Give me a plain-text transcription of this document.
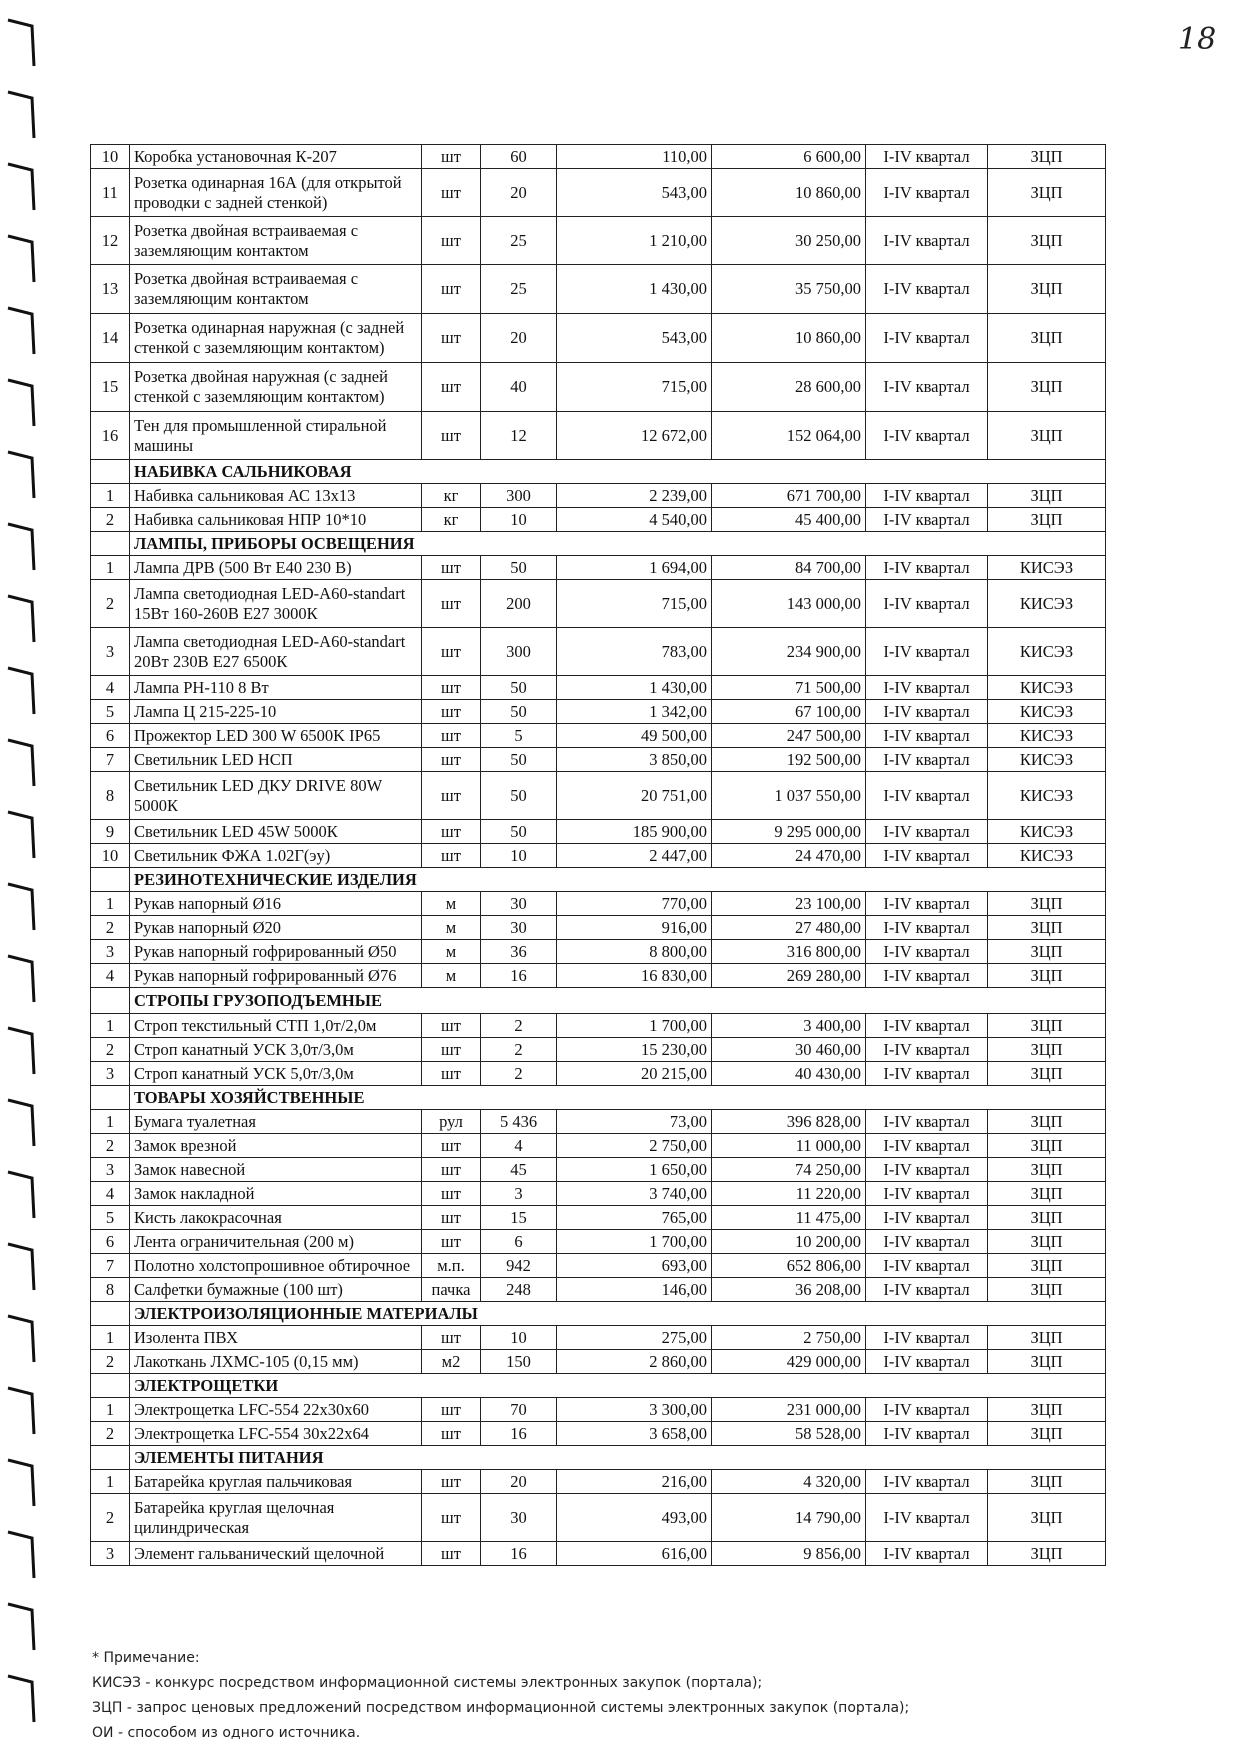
18
10	Коробка установочная К-207	шт	60	110,00	6 600,00	I-IV квартал	ЗЦП
11	Розетка одинарная 16А (для открытой проводки с задней стенкой)	шт	20	543,00	10 860,00	I-IV квартал	ЗЦП
12	Розетка двойная встраиваемая с заземляющим контактом	шт	25	1 210,00	30 250,00	I-IV квартал	ЗЦП
13	Розетка двойная встраиваемая с заземляющим контактом	шт	25	1 430,00	35 750,00	I-IV квартал	ЗЦП
14	Розетка одинарная наружная (с задней стенкой с заземляющим контактом)	шт	20	543,00	10 860,00	I-IV квартал	ЗЦП
15	Розетка двойная наружная (с задней стенкой с заземляющим контактом)	шт	40	715,00	28 600,00	I-IV квартал	ЗЦП
16	Тен для промышленной стиральной машины	шт	12	12 672,00	152 064,00	I-IV квартал	ЗЦП
	НАБИВКА САЛЬНИКОВАЯ						
1	Набивка сальниковая АС 13х13	кг	300	2 239,00	671 700,00	I-IV квартал	ЗЦП
2	Набивка сальниковая НПР 10*10	кг	10	4 540,00	45 400,00	I-IV квартал	ЗЦП
	ЛАМПЫ, ПРИБОРЫ ОСВЕЩЕНИЯ						
1	Лампа ДРВ (500 Вт Е40 230 В)	шт	50	1 694,00	84 700,00	I-IV квартал	КИСЭЗ
2	Лампа светодиодная LED-A60-standart 15Вт 160-260В Е27 3000К	шт	200	715,00	143 000,00	I-IV квартал	КИСЭЗ
3	Лампа светодиодная LED-A60-standart 20Вт 230В Е27 6500К	шт	300	783,00	234 900,00	I-IV квартал	КИСЭЗ
4	Лампа РН-110 8 Вт	шт	50	1 430,00	71 500,00	I-IV квартал	КИСЭЗ
5	Лампа Ц 215-225-10	шт	50	1 342,00	67 100,00	I-IV квартал	КИСЭЗ
6	Прожектор LED 300 W 6500K IP65	шт	5	49 500,00	247 500,00	I-IV квартал	КИСЭЗ
7	Светильник LED НСП	шт	50	3 850,00	192 500,00	I-IV квартал	КИСЭЗ
8	Светильник LED ДКУ DRIVE 80W 5000К	шт	50	20 751,00	1 037 550,00	I-IV квартал	КИСЭЗ
9	Светильник LED 45W 5000К	шт	50	185 900,00	9 295 000,00	I-IV квартал	КИСЭЗ
10	Светильник ФЖА 1.02Г(эу)	шт	10	2 447,00	24 470,00	I-IV квартал	КИСЭЗ
	РЕЗИНОТЕХНИЧЕСКИЕ ИЗДЕЛИЯ						
1	Рукав напорный Ø16	м	30	770,00	23 100,00	I-IV квартал	ЗЦП
2	Рукав напорный Ø20	м	30	916,00	27 480,00	I-IV квартал	ЗЦП
3	Рукав напорный гофрированный Ø50	м	36	8 800,00	316 800,00	I-IV квартал	ЗЦП
4	Рукав напорный гофрированный Ø76	м	16	16 830,00	269 280,00	I-IV квартал	ЗЦП
	СТРОПЫ ГРУЗОПОДЪЕМНЫЕ						
1	Строп текстильный СТП 1,0т/2,0м	шт	2	1 700,00	3 400,00	I-IV квартал	ЗЦП
2	Строп канатный УСК 3,0т/3,0м	шт	2	15 230,00	30 460,00	I-IV квартал	ЗЦП
3	Строп канатный УСК 5,0т/3,0м	шт	2	20 215,00	40 430,00	I-IV квартал	ЗЦП
	ТОВАРЫ ХОЗЯЙСТВЕННЫЕ						
1	Бумага туалетная	рул	5 436	73,00	396 828,00	I-IV квартал	ЗЦП
2	Замок врезной	шт	4	2 750,00	11 000,00	I-IV квартал	ЗЦП
3	Замок навесной	шт	45	1 650,00	74 250,00	I-IV квартал	ЗЦП
4	Замок накладной	шт	3	3 740,00	11 220,00	I-IV квартал	ЗЦП
5	Кисть лакокрасочная	шт	15	765,00	11 475,00	I-IV квартал	ЗЦП
6	Лента ограничительная (200 м)	шт	6	1 700,00	10 200,00	I-IV квартал	ЗЦП
7	Полотно холстопрошивное обтирочное	м.п.	942	693,00	652 806,00	I-IV квартал	ЗЦП
8	Салфетки бумажные (100 шт)	пачка	248	146,00	36 208,00	I-IV квартал	ЗЦП
	ЭЛЕКТРОИЗОЛЯЦИОННЫЕ МАТЕРИАЛЫ						
1	Изолента ПВХ	шт	10	275,00	2 750,00	I-IV квартал	ЗЦП
2	Лакоткань ЛХМС-105 (0,15 мм)	м2	150	2 860,00	429 000,00	I-IV квартал	ЗЦП
	ЭЛЕКТРОЩЕТКИ						
1	Электрощетка LFC-554 22х30х60	шт	70	3 300,00	231 000,00	I-IV квартал	ЗЦП
2	Электрощетка LFC-554 30х22х64	шт	16	3 658,00	58 528,00	I-IV квартал	ЗЦП
	ЭЛЕМЕНТЫ ПИТАНИЯ						
1	Батарейка круглая пальчиковая	шт	20	216,00	4 320,00	I-IV квартал	ЗЦП
2	Батарейка круглая щелочная цилиндрическая	шт	30	493,00	14 790,00	I-IV квартал	ЗЦП
3	Элемент гальванический щелочной	шт	16	616,00	9 856,00	I-IV квартал	ЗЦП
* Примечание:
КИСЭЗ - конкурс посредством информационной системы электронных закупок (портала);
ЗЦП - запрос ценовых предложений посредством информационной системы электронных закупок (портала);
ОИ - способом из одного источника.
